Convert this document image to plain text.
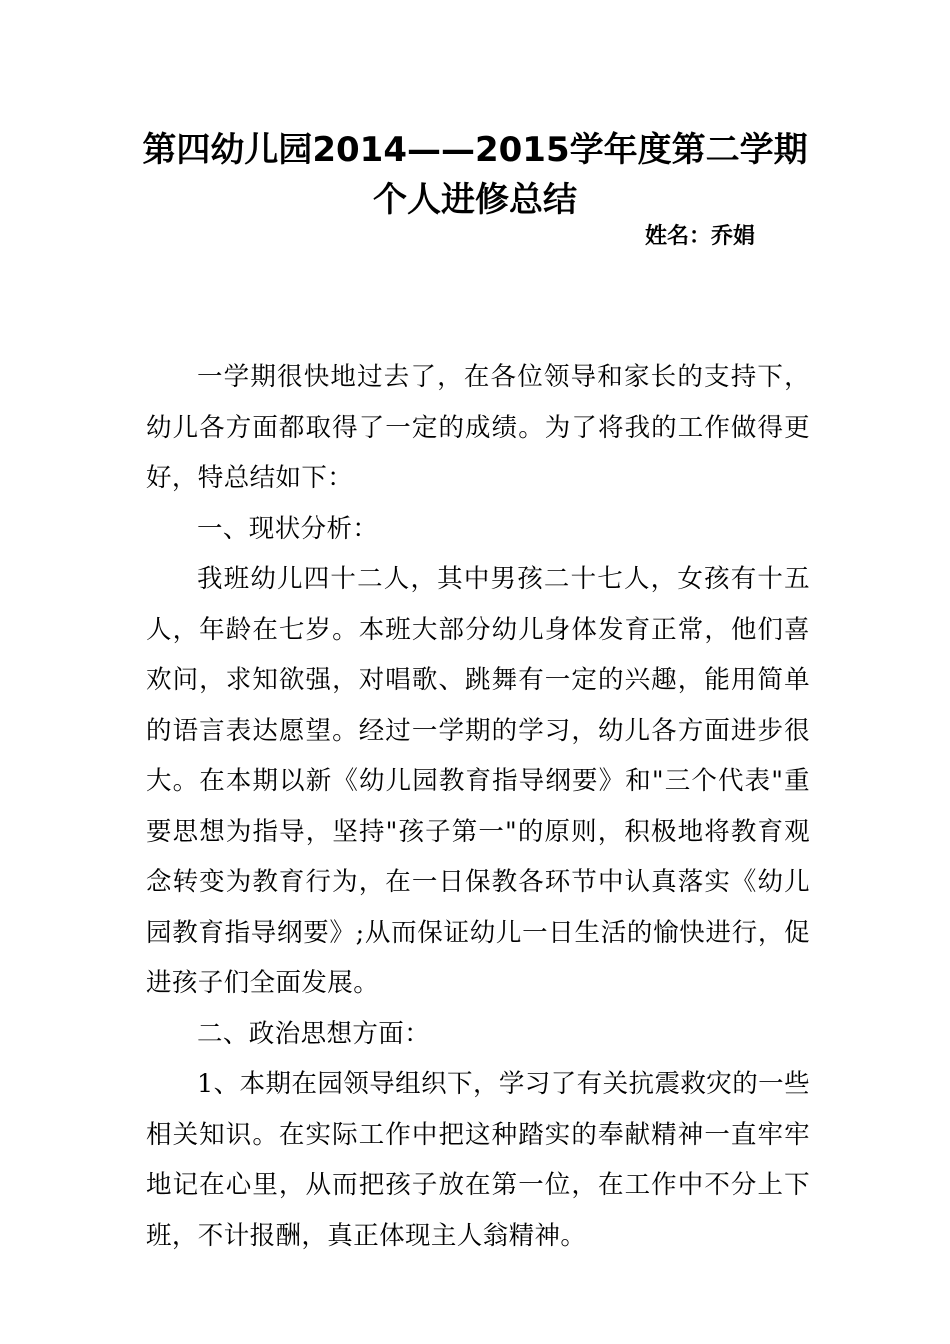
第四幼儿园2014——2015学年度第二学期
个人进修总结
姓名：乔娟

一学期很快地过去了，在各位领导和家长的支持下，幼儿各方面都取得了一定的成绩。为了将我的工作做得更好，特总结如下：

一、现状分析：

我班幼儿四十二人，其中男孩二十七人，女孩有十五人，年龄在七岁。本班大部分幼儿身体发育正常，他们喜欢问，求知欲强，对唱歌、跳舞有一定的兴趣，能用简单的语言表达愿望。经过一学期的学习，幼儿各方面进步很大。在本期以新《幼儿园教育指导纲要》和"三个代表"重要思想为指导，坚持"孩子第一"的原则，积极地将教育观念转变为教育行为，在一日保教各环节中认真落实《幼儿园教育指导纲要》;从而保证幼儿一日生活的愉快进行，促进孩子们全面发展。

二、政治思想方面：

1、本期在园领导组织下，学习了有关抗震救灾的一些相关知识。在实际工作中把这种踏实的奉献精神一直牢牢地记在心里，从而把孩子放在第一位，在工作中不分上下班，不计报酬，真正体现主人翁精神。
